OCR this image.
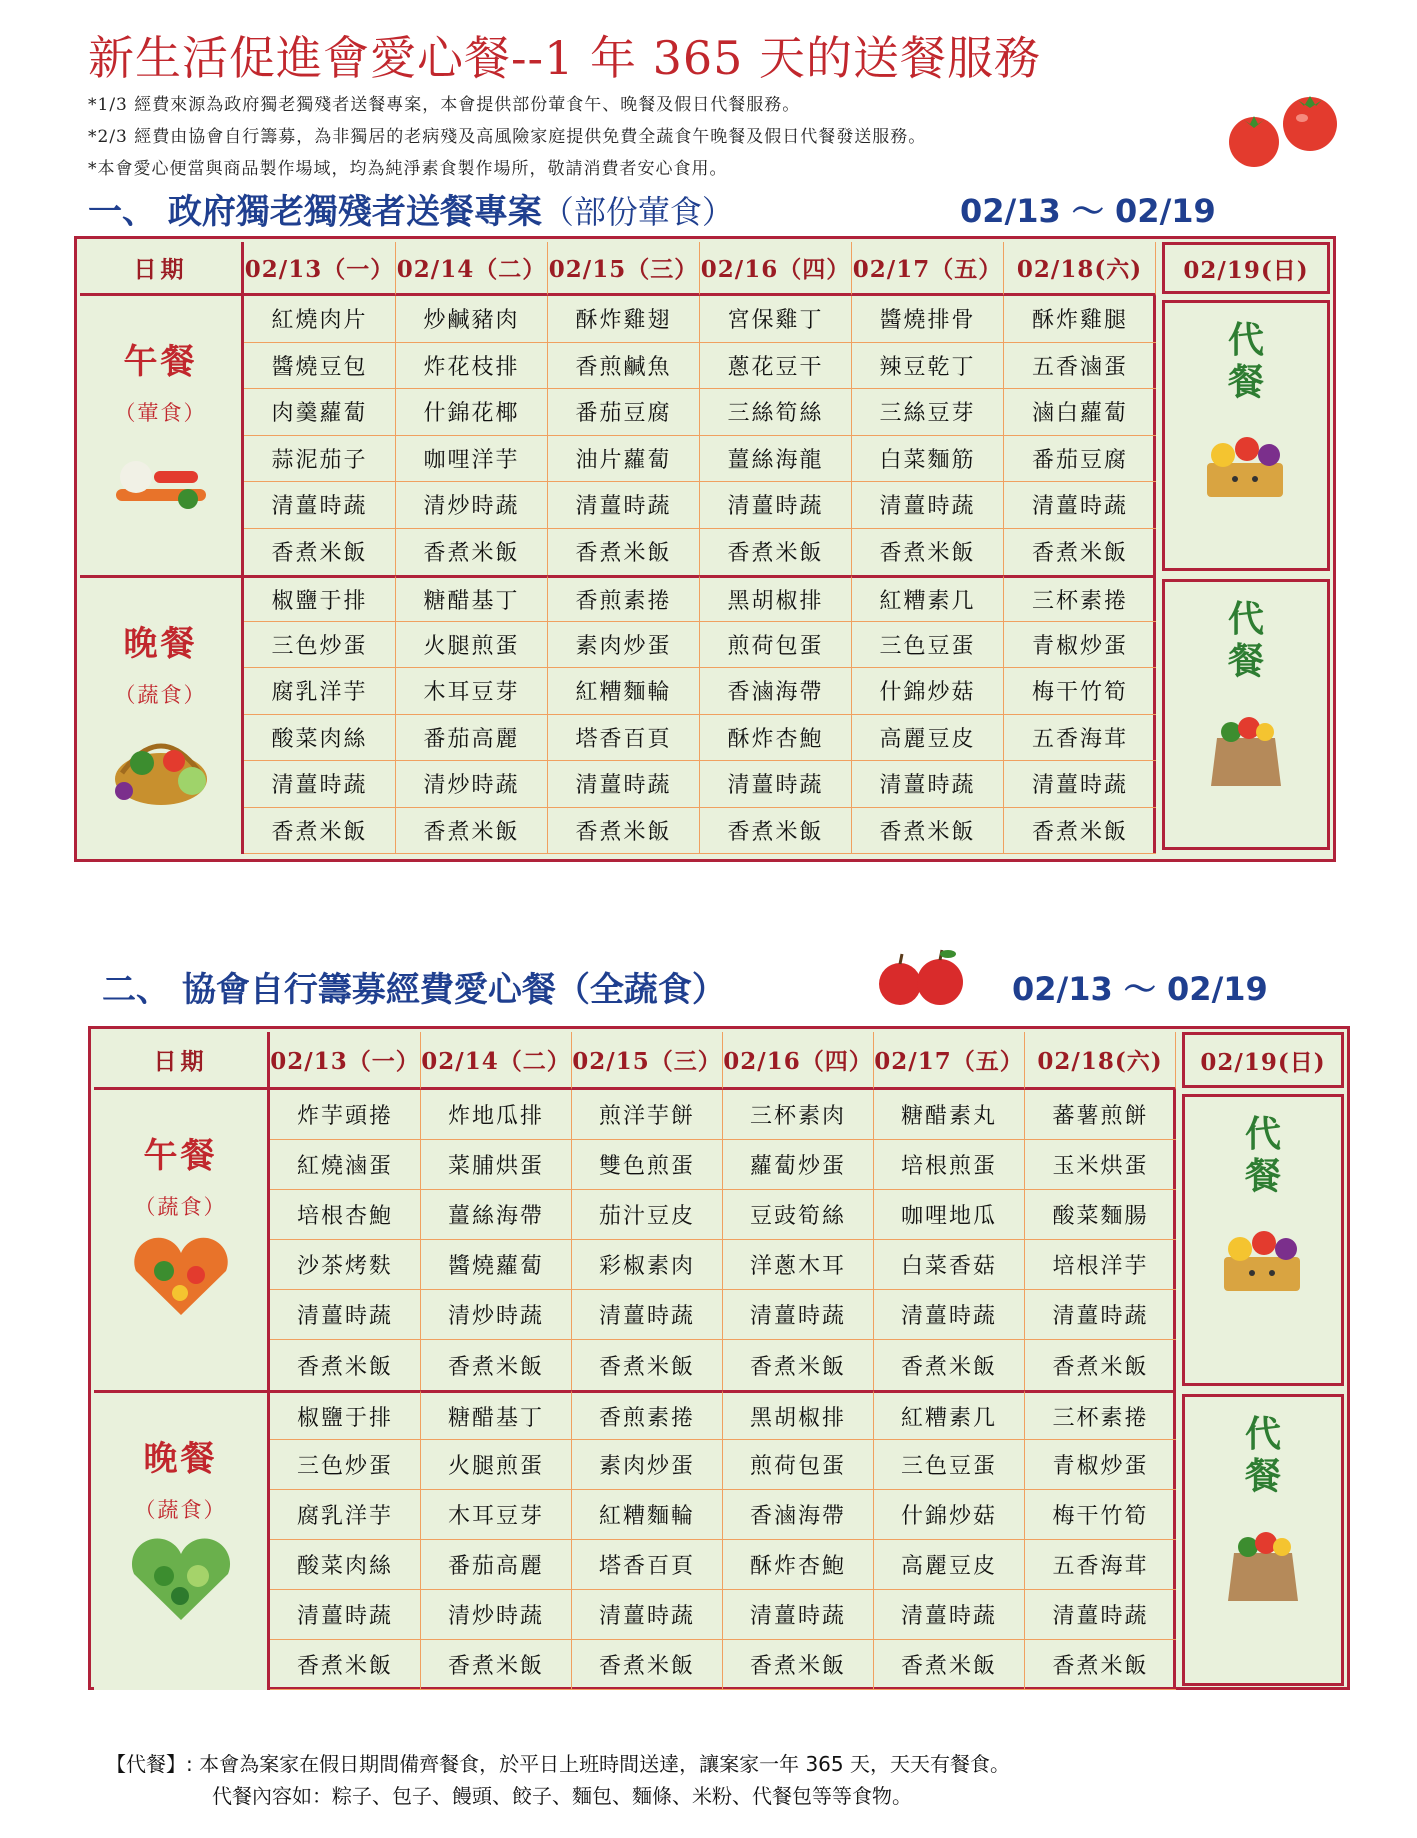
新生活促進會愛心餐--1 年 365 天的送餐服務
*1/3 經費來源為政府獨老獨殘者送餐專案，本會提供部份葷食午、晚餐及假日代餐服務。
*2/3 經費由協會自行籌募，為非獨居的老病殘及高風險家庭提供免費全蔬食午晚餐及假日代餐發送服務。
*本會愛心便當與商品製作場域，均為純淨素食製作場所，敬請消費者安心食用。
一、 政府獨老獨殘者送餐專案（部份葷食）	02/13 ～ 02/19
日期	02/13（一） 02/14（二） 02/15（三） 02/16（四） 02/17（五） 02/18(六)
午餐
（葷食）
紅燒肉片	炒鹹豬肉	酥炸雞翅	宮保雞丁	醬燒排骨	酥炸雞腿
醬燒豆包	炸花枝排	香煎鹹魚	蔥花豆干	辣豆乾丁	五香滷蛋
肉羹蘿蔔	什錦花椰	番茄豆腐	三絲筍絲	三絲豆芽	滷白蘿蔔
蒜泥茄子	咖哩洋芋	油片蘿蔔	薑絲海龍	白菜麵筋	番茄豆腐
清薑時蔬	清炒時蔬	清薑時蔬	清薑時蔬	清薑時蔬	清薑時蔬
香煮米飯	香煮米飯	香煮米飯	香煮米飯	香煮米飯	香煮米飯
晚餐
（蔬食）
椒鹽于排	糖醋基丁	香煎素捲	黑胡椒排	紅糟素几	三杯素捲
三色炒蛋	火腿煎蛋	素肉炒蛋	煎荷包蛋	三色豆蛋	青椒炒蛋
腐乳洋芋	木耳豆芽	紅糟麵輪	香滷海帶	什錦炒菇	梅干竹筍
酸菜肉絲	番茄高麗	塔香百頁	酥炸杏鮑	高麗豆皮	五香海茸
清薑時蔬	清炒時蔬	清薑時蔬	清薑時蔬	清薑時蔬	清薑時蔬
香煮米飯	香煮米飯	香煮米飯	香煮米飯	香煮米飯	香煮米飯
02/19(日)
代餐
代餐
二、 協會自行籌募經費愛心餐（全蔬食）	02/13 ～ 02/19
日期	02/13（一） 02/14（二） 02/15（三） 02/16（四） 02/17（五） 02/18(六)
午餐
（蔬食）
炸芋頭捲	炸地瓜排	煎洋芋餅	三杯素肉	糖醋素丸	蕃薯煎餅
紅燒滷蛋	菜脯烘蛋	雙色煎蛋	蘿蔔炒蛋	培根煎蛋	玉米烘蛋
培根杏鮑	薑絲海帶	茄汁豆皮	豆豉筍絲	咖哩地瓜	酸菜麵腸
沙茶烤麩	醬燒蘿蔔	彩椒素肉	洋蔥木耳	白菜香菇	培根洋芋
清薑時蔬	清炒時蔬	清薑時蔬	清薑時蔬	清薑時蔬	清薑時蔬
香煮米飯	香煮米飯	香煮米飯	香煮米飯	香煮米飯	香煮米飯
晚餐
（蔬食）
椒鹽于排	糖醋基丁	香煎素捲	黑胡椒排	紅糟素几	三杯素捲
三色炒蛋	火腿煎蛋	素肉炒蛋	煎荷包蛋	三色豆蛋	青椒炒蛋
腐乳洋芋	木耳豆芽	紅糟麵輪	香滷海帶	什錦炒菇	梅干竹筍
酸菜肉絲	番茄高麗	塔香百頁	酥炸杏鮑	高麗豆皮	五香海茸
清薑時蔬	清炒時蔬	清薑時蔬	清薑時蔬	清薑時蔬	清薑時蔬
香煮米飯	香煮米飯	香煮米飯	香煮米飯	香煮米飯	香煮米飯
02/19(日)
代餐
代餐
【代餐】: 本會為案家在假日期間備齊餐食，於平日上班時間送達，讓案家一年 365 天，天天有餐食。
代餐內容如：粽子、包子、饅頭、餃子、麵包、麵條、米粉、代餐包等等食物。
